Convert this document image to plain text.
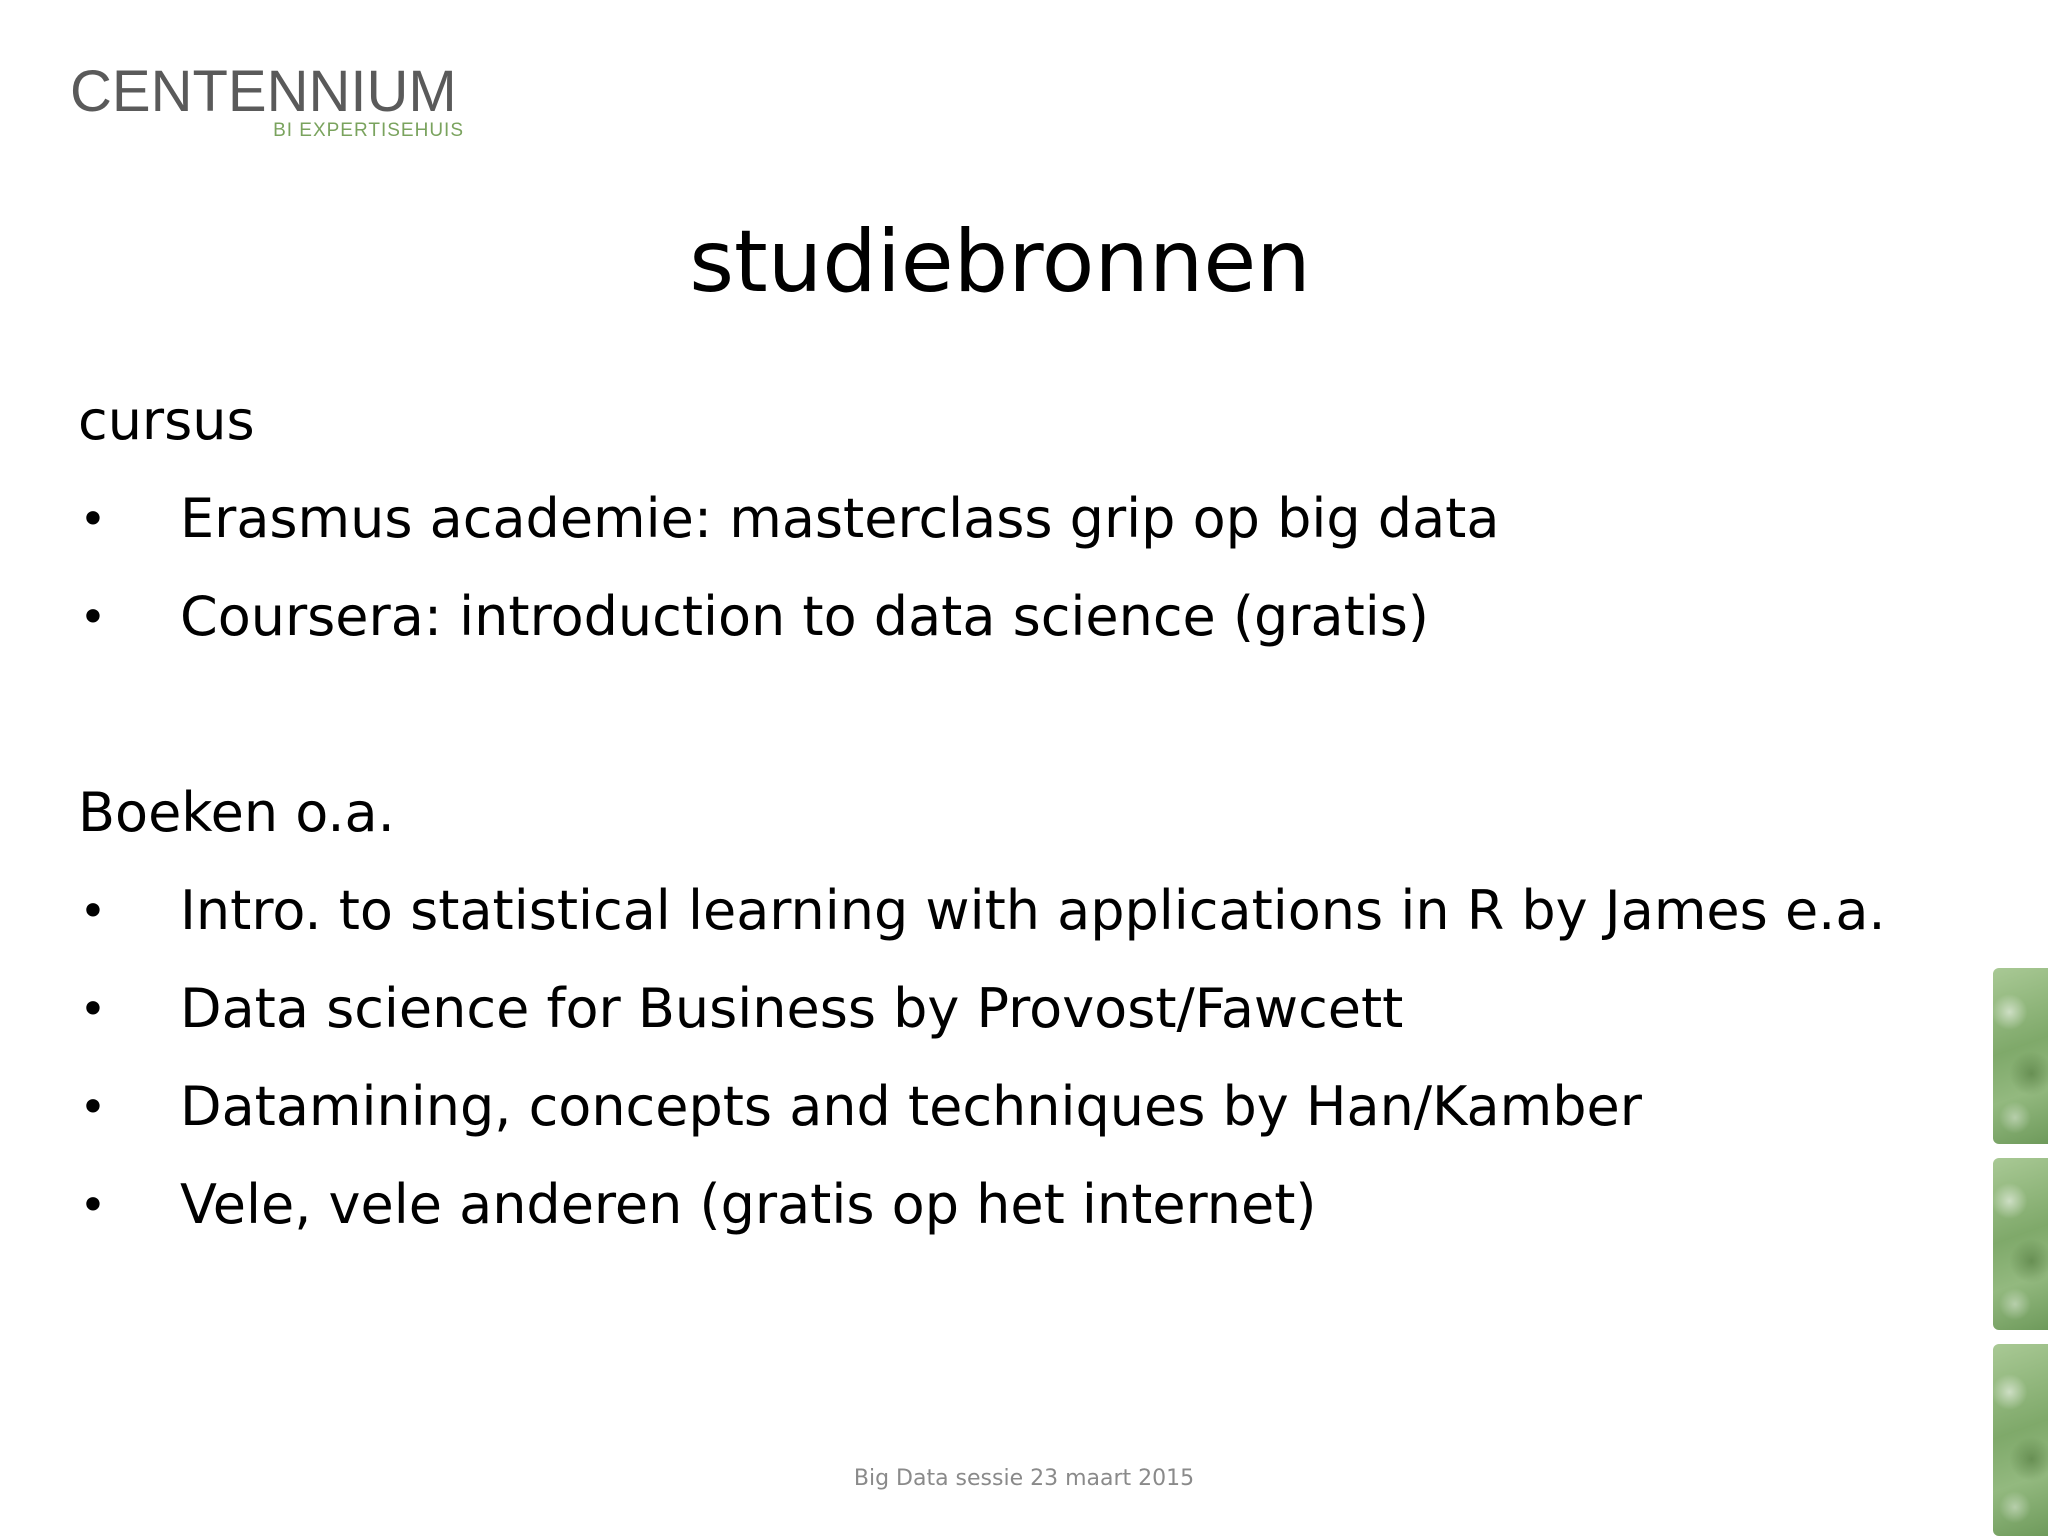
CENTENNIUM
BI EXPERTISEHUIS
studiebronnen
cursus
• Erasmus academie: masterclass grip op big data
• Coursera: introduction to data science (gratis)
Boeken o.a.
• Intro. to statistical learning with applications in R by James e.a.
• Data science for Business by Provost/Fawcett
• Datamining, concepts and techniques by Han/Kamber
• Vele, vele anderen (gratis op het internet)
Big Data sessie 23 maart 2015
